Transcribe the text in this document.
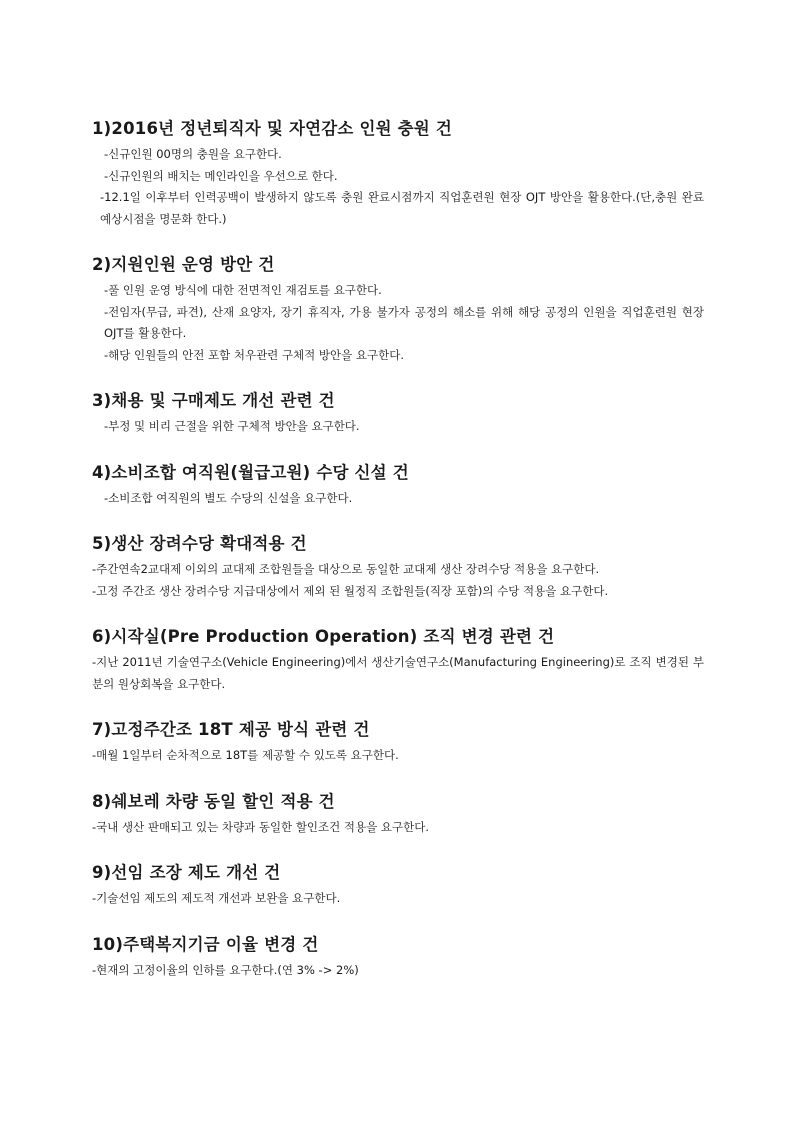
1)2016년 정년퇴직자 및 자연감소 인원 충원 건
-신규인원 00명의 충원을 요구한다.
-신규인원의 배치는 메인라인을 우선으로 한다.
-12.1일 이후부터 인력공백이 발생하지 않도록 충원 완료시점까지 직업훈련원 현장 OJT 방안을 활용한다.(단,충원 완료 예상시점을 명문화 한다.)
2)지원인원 운영 방안 건
-풀 인원 운영 방식에 대한 전면적인 재검토를 요구한다.
-전임자(무급, 파견), 산재 요양자, 장기 휴직자, 가용 불가자 공정의 해소를 위해 해당 공정의 인원을 직업훈련원 현장 OJT를 활용한다.
-해당 인원들의 안전 포함 처우관련 구체적 방안을 요구한다.
3)채용 및 구매제도 개선 관련 건
-부정 및 비리 근절을 위한 구체적 방안을 요구한다.
4)소비조합 여직원(월급고원) 수당 신설 건
-소비조합 여직원의 별도 수당의 신설을 요구한다.
5)생산 장려수당 확대적용 건
-주간연속2교대제 이외의 교대제 조합원들을 대상으로 동일한 교대제 생산 장려수당 적용을 요구한다.
-고정 주간조 생산 장려수당 지급대상에서 제외 된 월정직 조합원들(직장 포함)의 수당 적용을 요구한다.
6)시작실(Pre Production Operation) 조직 변경 관련 건
-지난 2011년 기술연구소(Vehicle Engineering)에서 생산기술연구소(Manufacturing Engineering)로 조직 변경된 부분의 원상회복을 요구한다.
7)고정주간조 18T 제공 방식 관련 건
-매월 1일부터 순차적으로 18T를 제공할 수 있도록 요구한다.
8)쉐보레 차량 동일 할인 적용 건
-국내 생산 판매되고 있는 차량과 동일한 할인조건 적용을 요구한다.
9)선임 조장 제도 개선 건
-기술선임 제도의 제도적 개선과 보완을 요구한다.
10)주택복지기금 이율 변경 건
-현재의 고정이율의 인하를 요구한다.(연 3% -> 2%)
